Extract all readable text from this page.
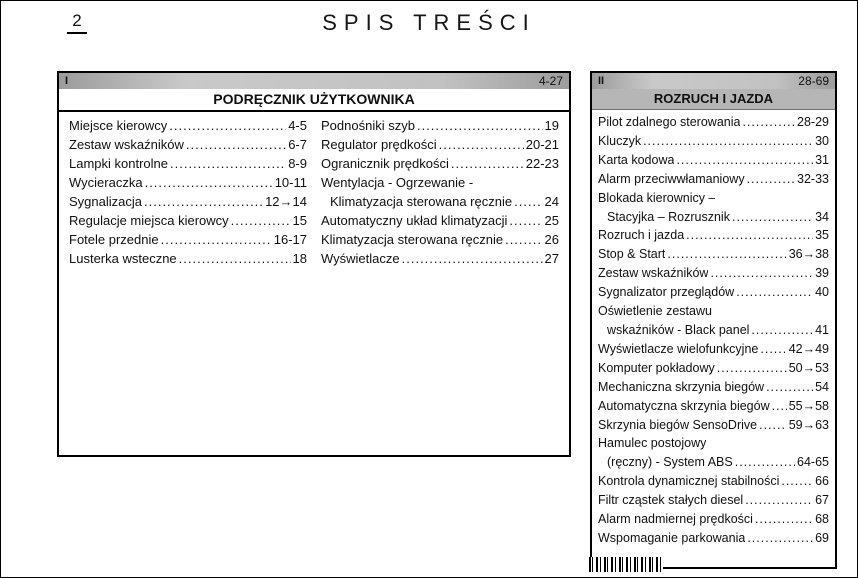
2	SPIS TREŚCI
I	4-27
PODRĘCZNIK UŻYTKOWNIKA
Miejsce kierowcy .....	4-5
Zestaw wskaźników .....	6-7
Lampki kontrolne .....	8-9
Wycieraczka .....	10-11
Sygnalizacja .....	12→14
Regulacje miejsca kierowcy .....	15
Fotele przednie .....	16-17
Lusterka wsteczne .....	18
Podnośniki szyb .....	19
Regulator prędkości .....	20-21
Ogranicznik prędkości .....	22-23
Wentylacja - Ogrzewanie -
Klimatyzacja sterowana ręcznie ..... 24
Automatyczny układ klimatyzacji .....	25
Klimatyzacja sterowana ręcznie .....	26
Wyświetlacze .....	27
II	28-69
ROZRUCH I JAZDA
Pilot zdalnego sterowania .....	28-29
Kluczyk .....	30
Karta kodowa .....	31
Alarm przeciwwłamaniowy .....	32-33
Blokada kierownicy –
Stacyjka – Rozrusznik .....	34
Rozruch i jazda .....	35
Stop & Start .....	36→38
Zestaw wskaźników .....	39
Sygnalizator przeglądów .....	40
Oświetlenie zestawu
wskaźników - Black panel .....	41
Wyświetlacze wielofunkcyjne ..... 42→49
Komputer pokładowy .....	50→53
Mechaniczna skrzynia biegów .....	54
Automatyczna skrzynia biegów ..... 55→58
Skrzynia biegów SensoDrive .....	59→63
Hamulec postojowy
(ręczny) - System ABS .....	64-65
Kontrola dynamicznej stabilności .....	66
Filtr cząstek stałych diesel .....	67
Alarm nadmiernej prędkości .....	68
Wspomaganie parkowania .....	69
